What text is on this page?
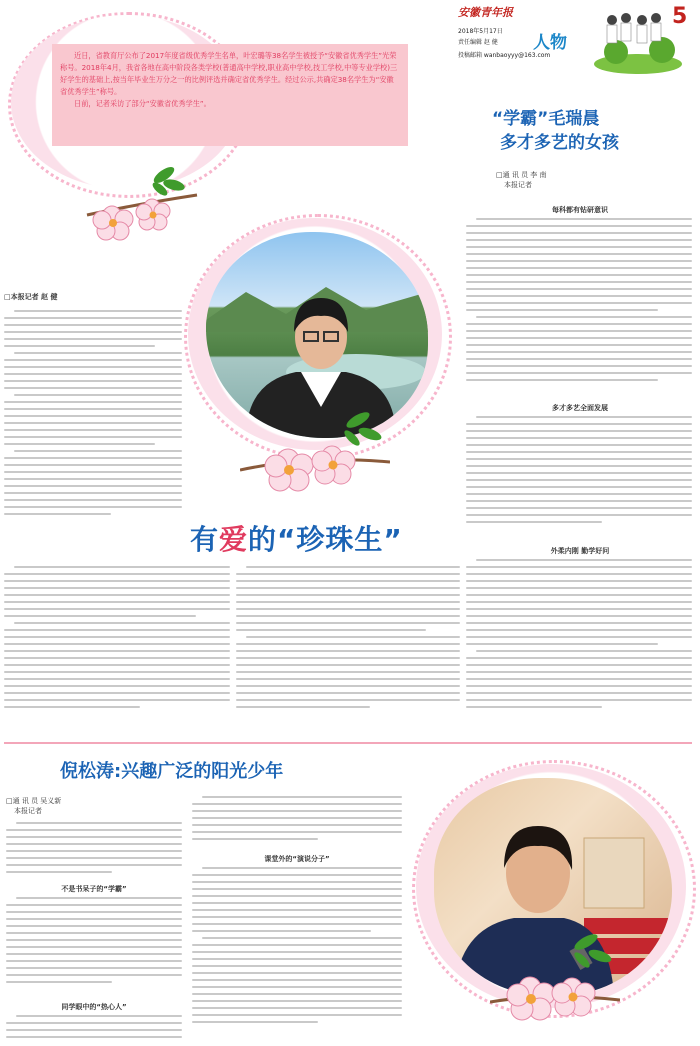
安徽青年报
2018年5月17日
责任编辑 赵 健
投稿邮箱 wanbaoyyy@163.com
人物
5
近日，省教育厅公布了2017年度省级优秀学生名单，叶宏璐等38名学生被授予“安徽省优秀学生”光荣称号。2018年4月，我省各地在高中阶段各类学校(普通高中学校,职业高中学校,技工学校,中等专业学校)三好学生的基础上,按当年毕业生万分之一的比例评选并确定省优秀学生。经过公示,共确定38名学生为“安徽省优秀学生”称号。
日前，记者采访了部分“安徽省优秀学生”。
“学霸”毛瑞晨
多才多艺的女孩
□通 讯 员 李 南
本报记者
每科都有钻研意识
多才多艺全面发展
外柔内刚 勤学好问
□本报记者 赵 健
有爱的“珍珠生”
倪松涛:兴趣广泛的阳光少年
□通 讯 员 吴义新
本报记者
不是书呆子的“学霸”
同学眼中的“热心人”
课堂外的“演说分子”
